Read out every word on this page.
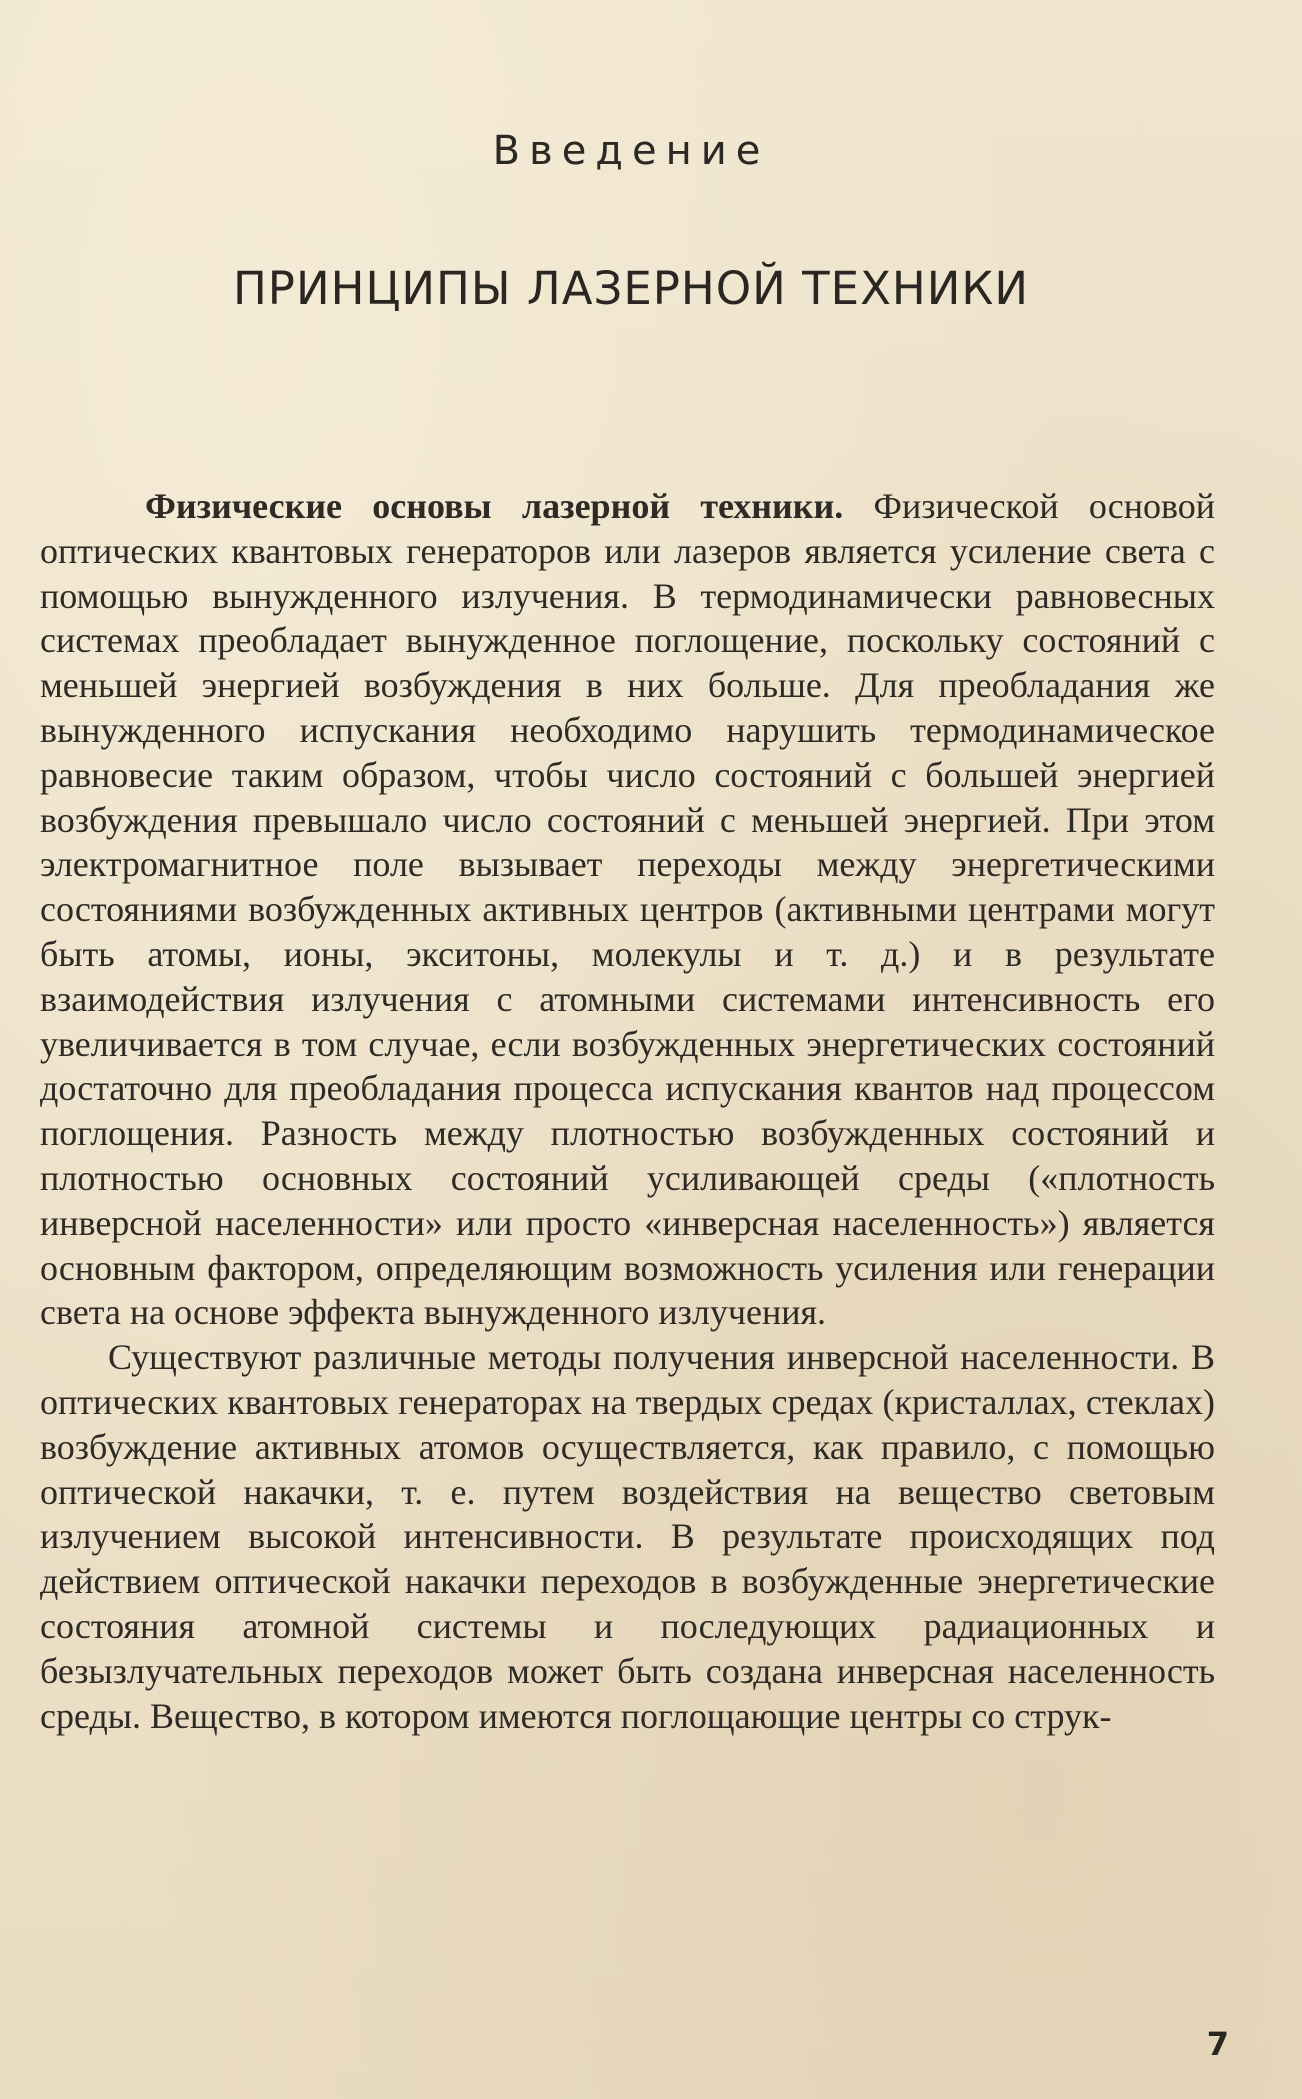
Введение
ПРИНЦИПЫ ЛАЗЕРНОЙ ТЕХНИКИ

Физические основы лазерной техники. Физической основой оптических квантовых генераторов или лазеров является усиление света с помощью вынужденного излучения. В термодинамически равновесных системах преобладает вынужденное поглощение, поскольку состояний с меньшей энергией возбуждения в них больше. Для преобладания же вынужденного испускания необходимо нарушить термодинамическое равновесие таким образом, чтобы число состояний с большей энергией возбуждения превышало число состояний с меньшей энергией. При этом электромагнитное поле вызывает переходы между энергетическими состояниями возбужденных активных центров (активными центрами могут быть атомы, ионы, экситоны, молекулы и т. д.) и в результате взаимодействия излучения с атомными системами интенсивность его увеличивается в том случае, если возбужденных энергетических состояний достаточно для преобладания процесса испускания квантов над процессом поглощения. Разность между плотностью возбужденных состояний и плотностью основных состояний усиливающей среды («плотность инверсной населенности» или просто «инверсная населенность») является основным фактором, определяющим возможность усиления или генерации света на основе эффекта вынужденного излучения.

Существуют различные методы получения инверсной населенности. В оптических квантовых генераторах на твердых средах (кристаллах, стеклах) возбуждение активных атомов осуществляется, как правило, с помощью оптической накачки, т. е. путем воздействия на вещество световым излучением высокой интенсивности. В результате происходящих под действием оптической накачки переходов в возбужденные энергетические состояния атомной системы и последующих радиационных и безызлучательных переходов может быть создана инверсная населенность среды. Вещество, в котором имеются поглощающие центры со струк-

7
